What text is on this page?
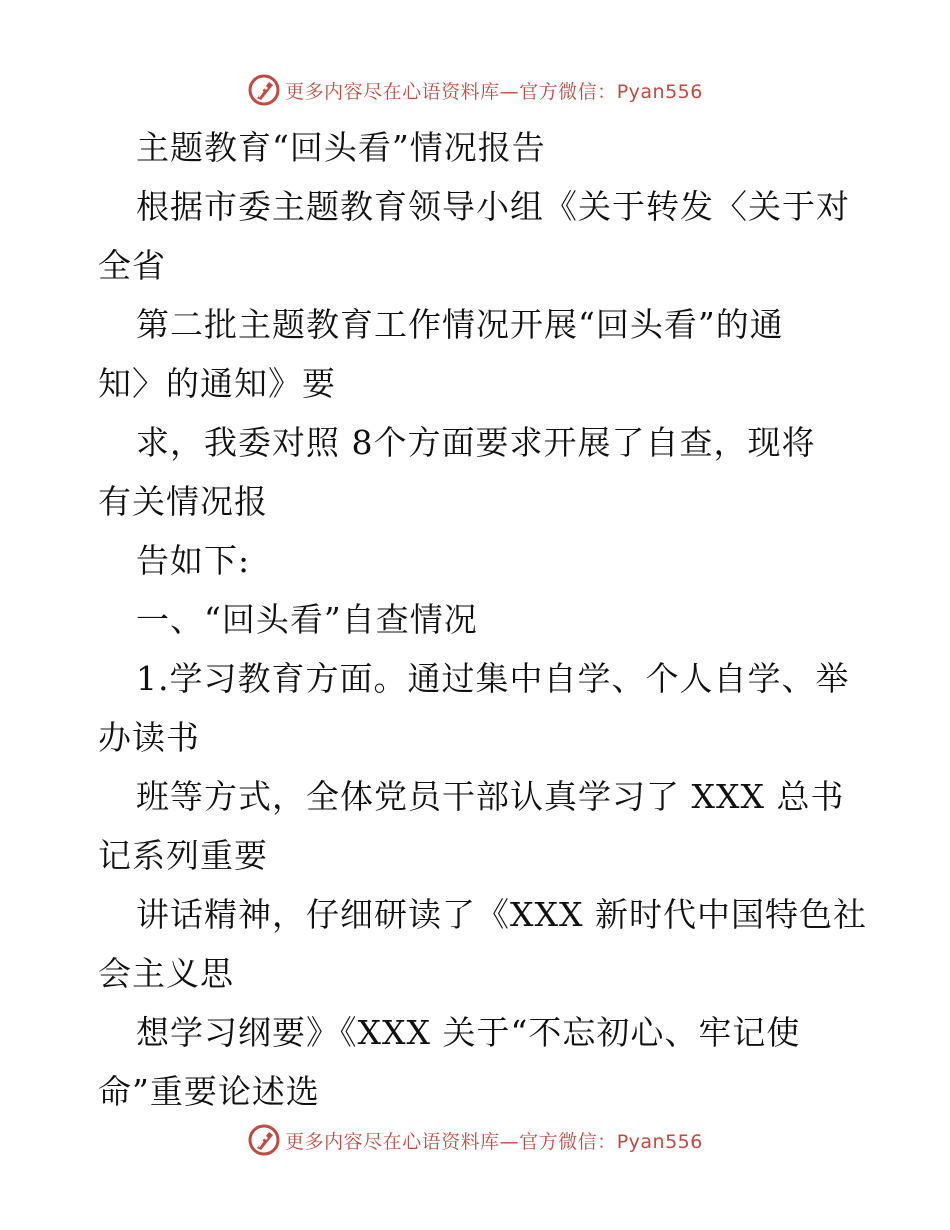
更多内容尽在心语资料库—官方微信：Pyan556
主题教育“回头看”情况报告
根据市委主题教育领导小组《关于转发〈关于对
全省
第二批主题教育工作情况开展“回头看”的通
知〉的通知》要
求，我委对照 8个方面要求开展了自查，现将
有关情况报
告如下:
一、“回头看”自查情况
1.学习教育方面。通过集中自学、个人自学、举
办读书
班等方式，全体党员干部认真学习了 XXX 总书
记系列重要
讲话精神，仔细研读了《XXX 新时代中国特色社
会主义思
想学习纲要》《XXX 关于“不忘初心、牢记使
命”重要论述选
更多内容尽在心语资料库—官方微信：Pyan556
